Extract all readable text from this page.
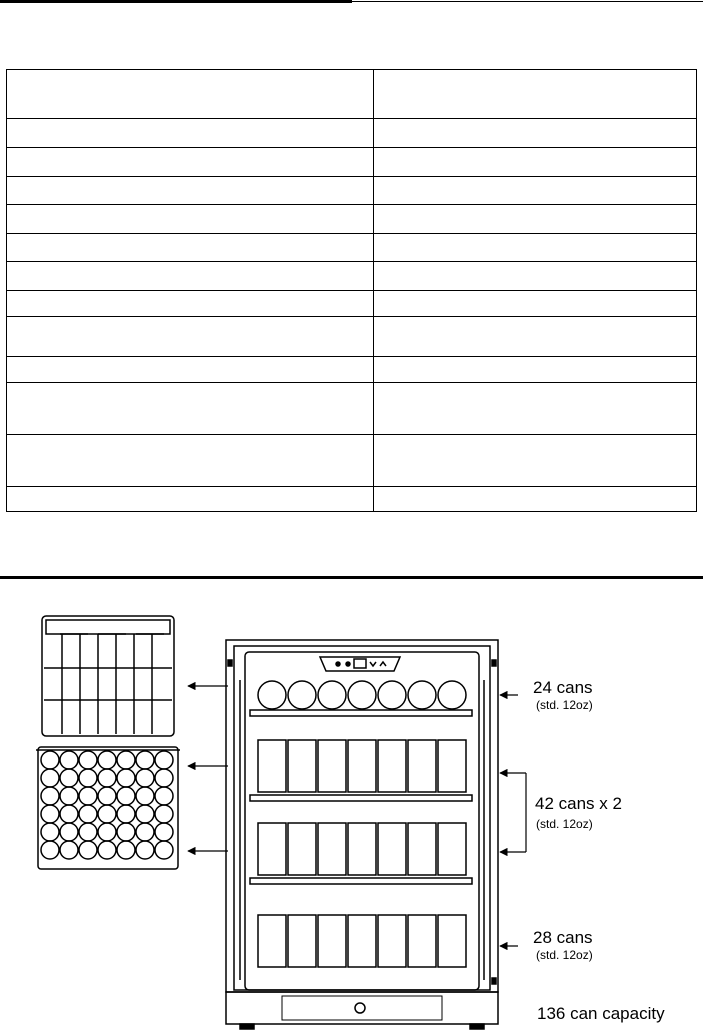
24 cans
(std. 12oz)
42 cans x 2
(std. 12oz)
28 cans
(std. 12oz)
136 can capacity
